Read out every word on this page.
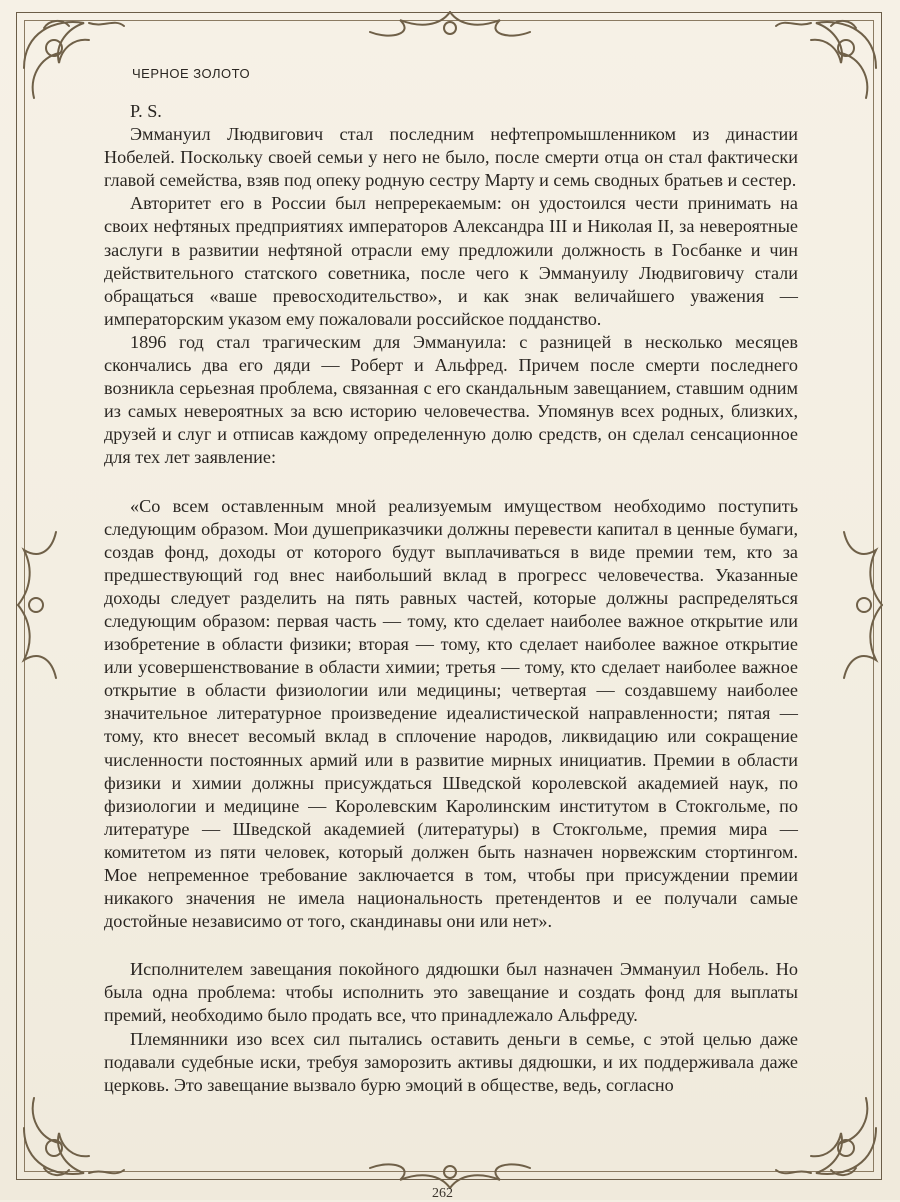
ЧЕРНОЕ ЗОЛОТО

P. S.

Эммануил Людвигович стал последним нефтепромышленником из династии Нобелей. Поскольку своей семьи у него не было, после смерти отца он стал фактически главой семейства, взяв под опеку родную сестру Марту и семь сводных братьев и сестер.

Авторитет его в России был непререкаемым: он удостоился чести принимать на своих нефтяных предприятиях императоров Александра III и Николая II, за невероятные заслуги в развитии нефтяной отрасли ему предложили должность в Госбанке и чин действительного статского советника, после чего к Эммануилу Людвиговичу стали обращаться «ваше превосходительство», и как знак величайшего уважения — императорским указом ему пожаловали российское подданство.

1896 год стал трагическим для Эммануила: с разницей в несколько месяцев скончались два его дяди — Роберт и Альфред. Причем после смерти последнего возникла серьезная проблема, связанная с его скандальным завещанием, ставшим одним из самых невероятных за всю историю человечества. Упомянув всех родных, близких, друзей и слуг и отписав каждому определенную долю средств, он сделал сенсационное для тех лет заявление:

«Со всем оставленным мной реализуемым имуществом необходимо поступить следующим образом. Мои душеприказчики должны перевести капитал в ценные бумаги, создав фонд, доходы от которого будут выплачиваться в виде премии тем, кто за предшествующий год внес наибольший вклад в прогресс человечества. Указанные доходы следует разделить на пять равных частей, которые должны распределяться следующим образом: первая часть — тому, кто сделает наиболее важное открытие или изобретение в области физики; вторая — тому, кто сделает наиболее важное открытие или усовершенствование в области химии; третья — тому, кто сделает наиболее важное открытие в области физиологии или медицины; четвертая — создавшему наиболее значительное литературное произведение идеалистической направленности; пятая — тому, кто внесет весомый вклад в сплочение народов, ликвидацию или сокращение численности постоянных армий или в развитие мирных инициатив. Премии в области физики и химии должны присуждаться Шведской королевской академией наук, по физиологии и медицине — Королевским Каролинским институтом в Стокгольме, по литературе — Шведской академией (литературы) в Стокгольме, премия мира — комитетом из пяти человек, который должен быть назначен норвежским стортингом. Мое непременное требование заключается в том, чтобы при присуждении премии никакого значения не имела национальность претендентов и ее получали самые достойные независимо от того, скандинавы они или нет».

Исполнителем завещания покойного дядюшки был назначен Эммануил Нобель. Но была одна проблема: чтобы исполнить это завещание и создать фонд для выплаты премий, необходимо было продать все, что принадлежало Альфреду.

Племянники изо всех сил пытались оставить деньги в семье, с этой целью даже подавали судебные иски, требуя заморозить активы дядюшки, и их поддерживала даже церковь. Это завещание вызвало бурю эмоций в обществе, ведь, согласно

262
